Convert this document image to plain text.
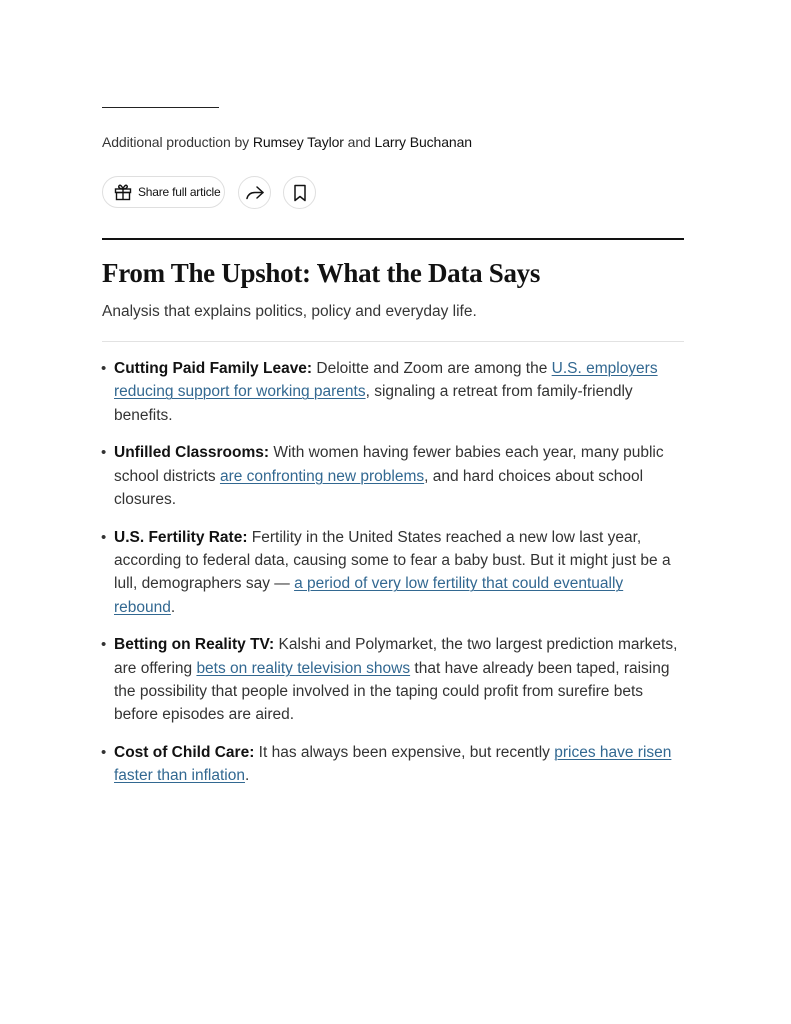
Additional production by Rumsey Taylor and Larry Buchanan
Share full article
From The Upshot: What the Data Says
Analysis that explains politics, policy and everyday life.
• Cutting Paid Family Leave: Deloitte and Zoom are among the U.S. employers reducing support for working parents, signaling a retreat from family-friendly benefits.
• Unfilled Classrooms: With women having fewer babies each year, many public school districts are confronting new problems, and hard choices about school closures.
• U.S. Fertility Rate: Fertility in the United States reached a new low last year, according to federal data, causing some to fear a baby bust. But it might just be a lull, demographers say — a period of very low fertility that could eventually rebound.
• Betting on Reality TV: Kalshi and Polymarket, the two largest prediction markets, are offering bets on reality television shows that have already been taped, raising the possibility that people involved in the taping could profit from surefire bets before episodes are aired.
• Cost of Child Care: It has always been expensive, but recently prices have risen faster than inflation.
